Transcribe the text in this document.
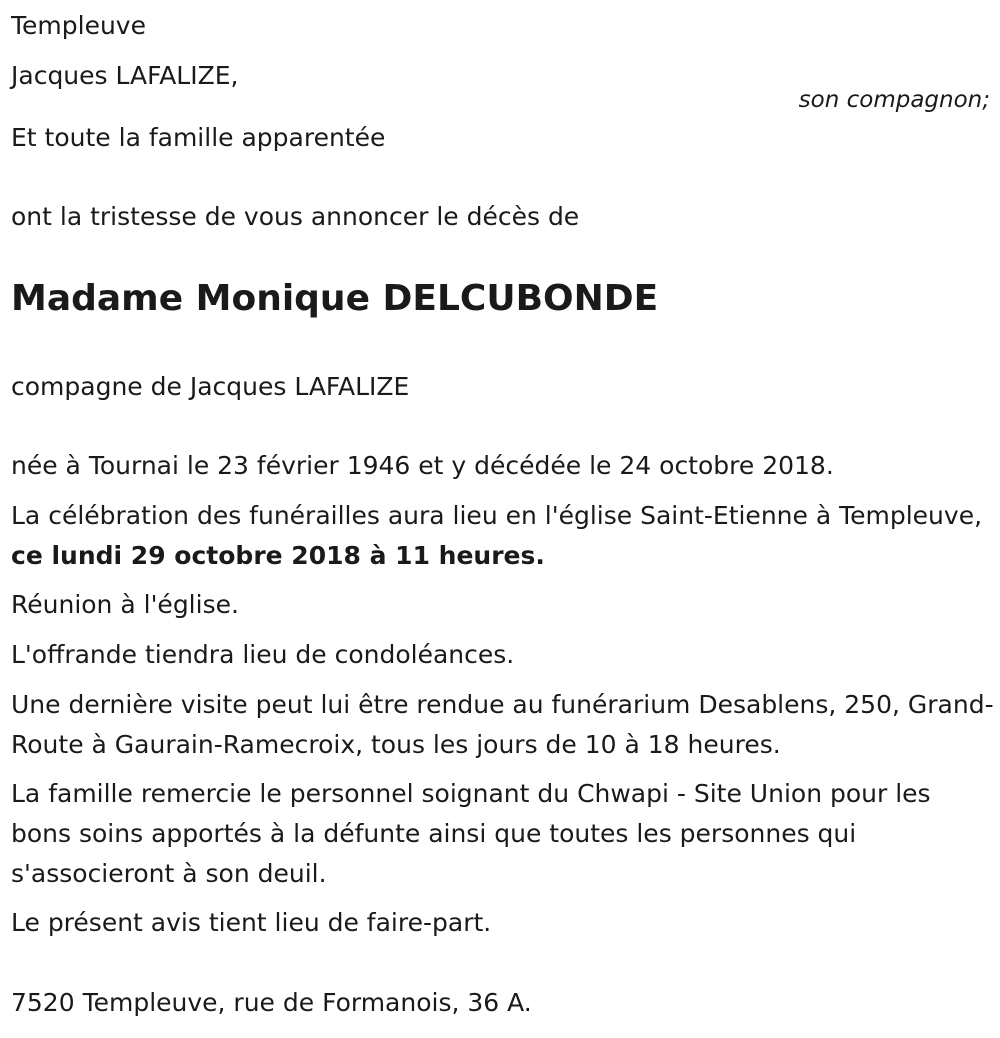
Templeuve

Jacques LAFALIZE,

son compagnon;

Et toute la famille apparentée

ont la tristesse de vous annoncer le décès de

Madame Monique DELCUBONDE

compagne de Jacques LAFALIZE

née à Tournai le 23 février 1946 et y décédée le 24 octobre 2018.

La célébration des funérailles aura lieu en l'église Saint-Etienne à Templeuve, ce lundi 29 octobre 2018 à 11 heures.

Réunion à l'église.

L'offrande tiendra lieu de condoléances.

Une dernière visite peut lui être rendue au funérarium Desablens, 250, Grand-Route à Gaurain-Ramecroix, tous les jours de 10 à 18 heures.

La famille remercie le personnel soignant du Chwapi - Site Union pour les bons soins apportés à la défunte ainsi que toutes les personnes qui s'associeront à son deuil.

Le présent avis tient lieu de faire-part.

7520 Templeuve, rue de Formanois, 36 A.
